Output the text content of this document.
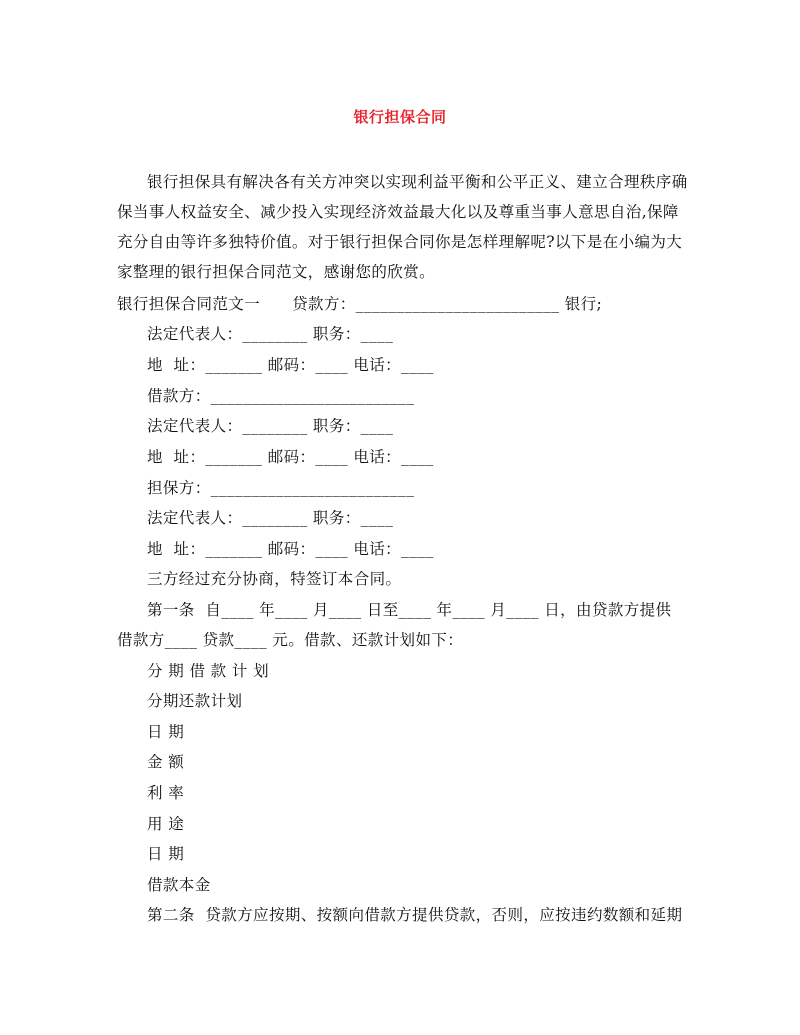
银行担保合同
银行担保具有解决各有关方冲突以实现利益平衡和公平正义、建立合理秩序确
保当事人权益安全、减少投入实现经济效益最大化以及尊重当事人意思自治,保障
充分自由等许多独特价值。对于银行担保合同你是怎样理解呢?以下是在小编为大
家整理的银行担保合同范文，感谢您的欣赏。
银行担保合同范文一      贷款方：_________________________ 银行;
法定代表人：________ 职务：____
地  址：_______ 邮码：____ 电话：____
借款方：_________________________
法定代表人：________ 职务：____
地  址：_______ 邮码：____ 电话：____
担保方：_________________________
法定代表人：________ 职务：____
地  址：_______ 邮码：____ 电话：____
三方经过充分协商，特签订本合同。
第一条  自____ 年____ 月____ 日至____ 年____ 月____ 日，由贷款方提供
借款方____ 贷款____ 元。借款、还款计划如下：
分 期 借 款 计 划
分期还款计划
日 期
金 额
利 率
用 途
日 期
借款本金
第二条  贷款方应按期、按额向借款方提供贷款，否则，应按违约数额和延期
